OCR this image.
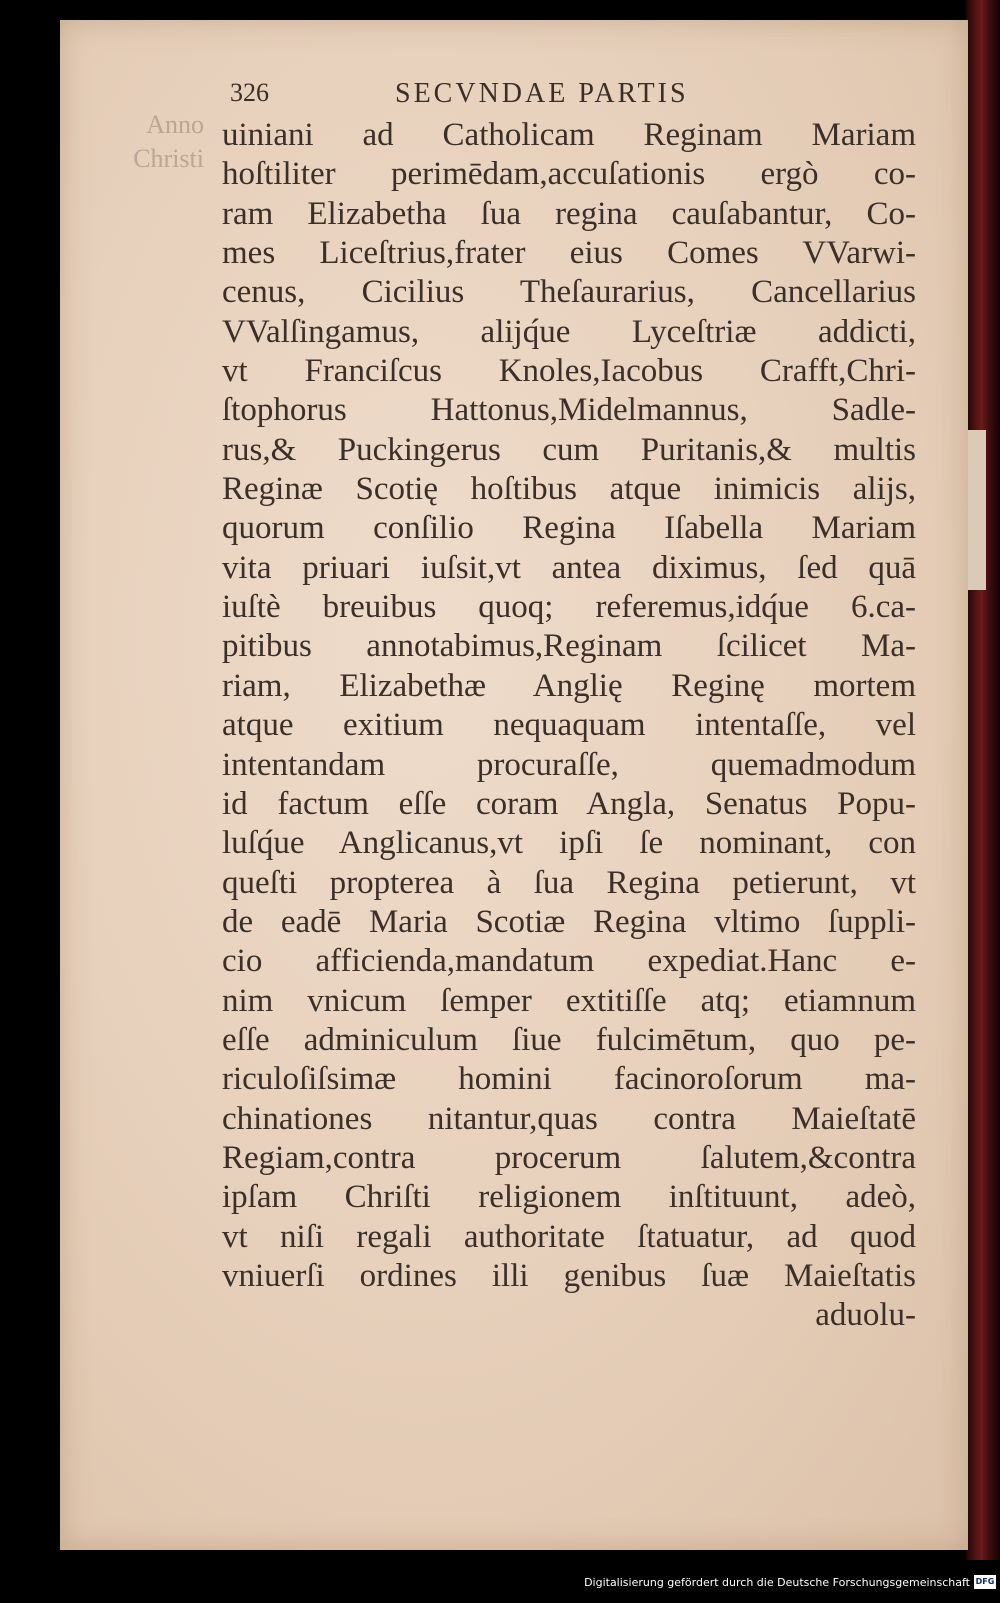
326	SECVNDAE PARTIS
Anno
Christi
uiniani ad Catholicam Reginam Mariam
hoſtiliter perimēdam,accuſationis ergò co-
ram Elizabetha ſua regina cauſabantur, Co-
mes Liceſtrius,frater eius Comes VVarwi-
cenus, Cicilius Theſaurarius, Cancellarius
VValſingamus, alijq́ue Lyceſtriæ addicti,
vt Franciſcus Knoles,Iacobus Crafft,Chri-
ſtophorus Hattonus,Midelmannus, Sadle-
rus,& Puckingerus cum Puritanis,& multis
Reginæ Scotię hoſtibus atque inimicis alijs,
quorum conſilio Regina Iſabella Mariam
vita priuari iuſsit,vt antea diximus, ſed quā
iuſtè breuibus quoq; referemus,idq́ue 6.ca-
pitibus annotabimus,Reginam ſcilicet Ma-
riam, Elizabethæ Anglię Reginę mortem
atque exitium nequaquam intentaſſe, vel
intentandam procuraſſe, quemadmodum
id factum eſſe coram Angla, Senatus Popu-
luſq́ue Anglicanus,vt ipſi ſe nominant, con
queſti propterea à ſua Regina petierunt, vt
de eadē Maria Scotiæ Regina vltimo ſuppli-
cio afficienda,mandatum expediat.Hanc e-
nim vnicum ſemper extitiſſe atq; etiamnum
eſſe adminiculum ſiue fulcimētum, quo pe-
riculoſiſsimæ homini facinoroſorum ma-
chinationes nitantur,quas contra Maieſtatē
Regiam,contra procerum ſalutem,&contra
ipſam Chriſti religionem inſtituunt, adeò,
vt niſi regali authoritate ſtatuatur, ad quod
vniuerſi ordines illi genibus ſuæ Maieſtatis
aduolu-
Digitalisierung gefördert durch die Deutsche Forschungsgemeinschaft DFG
